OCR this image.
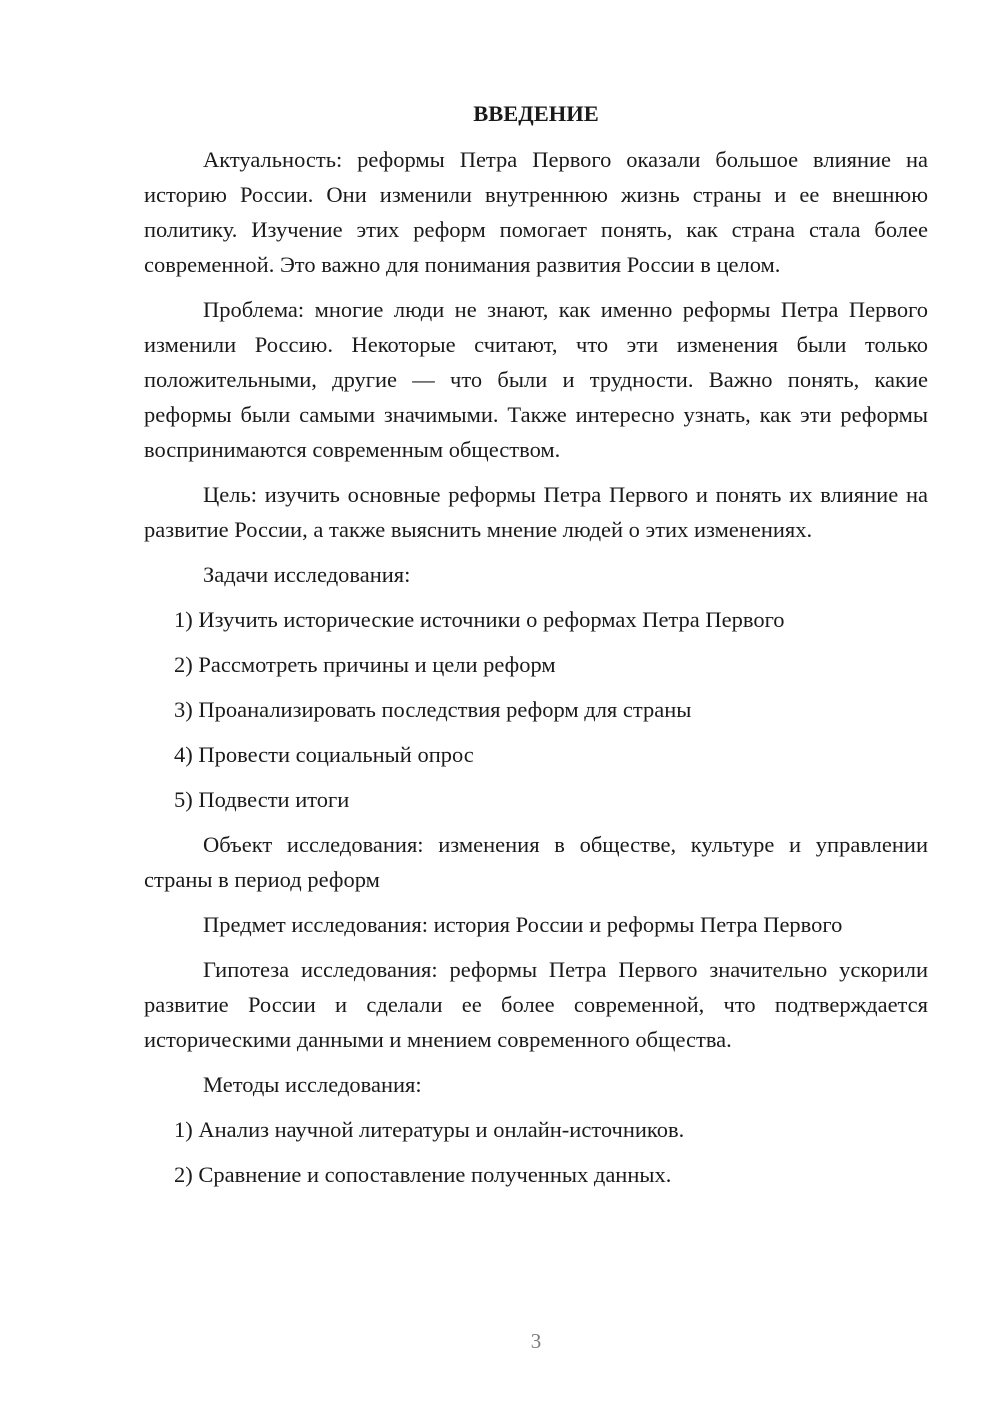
ВВЕДЕНИЕ

Актуальность: реформы Петра Первого оказали большое влияние на историю России. Они изменили внутреннюю жизнь страны и ее внешнюю политику. Изучение этих реформ помогает понять, как страна стала более современной. Это важно для понимания развития России в целом.

Проблема: многие люди не знают, как именно реформы Петра Первого изменили Россию. Некоторые считают, что эти изменения были только положительными, другие — что были и трудности. Важно понять, какие реформы были самыми значимыми. Также интересно узнать, как эти реформы воспринимаются современным обществом.

Цель: изучить основные реформы Петра Первого и понять их влияние на развитие России, а также выяснить мнение людей о этих изменениях.

Задачи исследования:

1) Изучить исторические источники о реформах Петра Первого
2) Рассмотреть причины и цели реформ
3) Проанализировать последствия реформ для страны
4) Провести социальный опрос
5) Подвести итоги

Объект исследования: изменения в обществе, культуре и управлении страны в период реформ

Предмет исследования: история России и реформы Петра Первого

Гипотеза исследования: реформы Петра Первого значительно ускорили развитие России и сделали ее более современной, что подтверждается историческими данными и мнением современного общества.

Методы исследования:

1) Анализ научной литературы и онлайн-источников.
2) Сравнение и сопоставление полученных данных.
3
